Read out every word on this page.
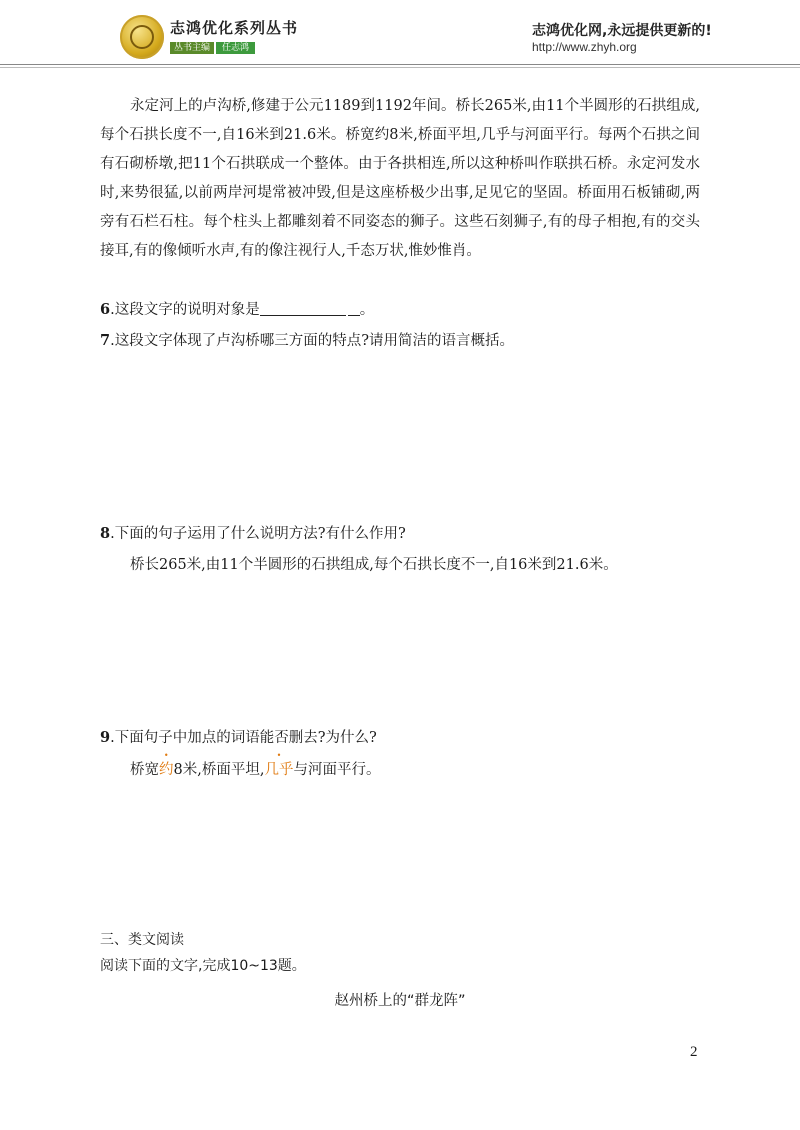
志鸿优化系列丛书
丛书主编 任志鸿
志鸿优化网,永远提供更新的!
http://www.zhyh.org
永定河上的卢沟桥,修建于公元1189到1192年间。桥长265米,由11个半圆形的石拱组成,每个石拱长度不一,自16米到21.6米。桥宽约8米,桥面平坦,几乎与河面平行。每两个石拱之间有石砌桥墩,把11个石拱联成一个整体。由于各拱相连,所以这种桥叫作联拱石桥。永定河发水时,来势很猛,以前两岸河堤常被冲毁,但是这座桥极少出事,足见它的坚固。桥面用石板铺砌,两旁有石栏石柱。每个柱头上都雕刻着不同姿态的狮子。这些石刻狮子,有的母子相抱,有的交头接耳,有的像倾听水声,有的像注视行人,千态万状,惟妙惟肖。
6.这段文字的说明对象是	。
7.这段文字体现了卢沟桥哪三方面的特点?请用简洁的语言概括。
8.下面的句子运用了什么说明方法?有什么作用?
桥长265米,由11个半圆形的石拱组成,每个石拱长度不一,自16米到21.6米。
9.下面句子中加点的词语能否删去?为什么?
桥宽约8米,桥面平坦,几乎与河面平行。
三、类文阅读
阅读下面的文字,完成10~13题。
赵州桥上的“群龙阵”
2
